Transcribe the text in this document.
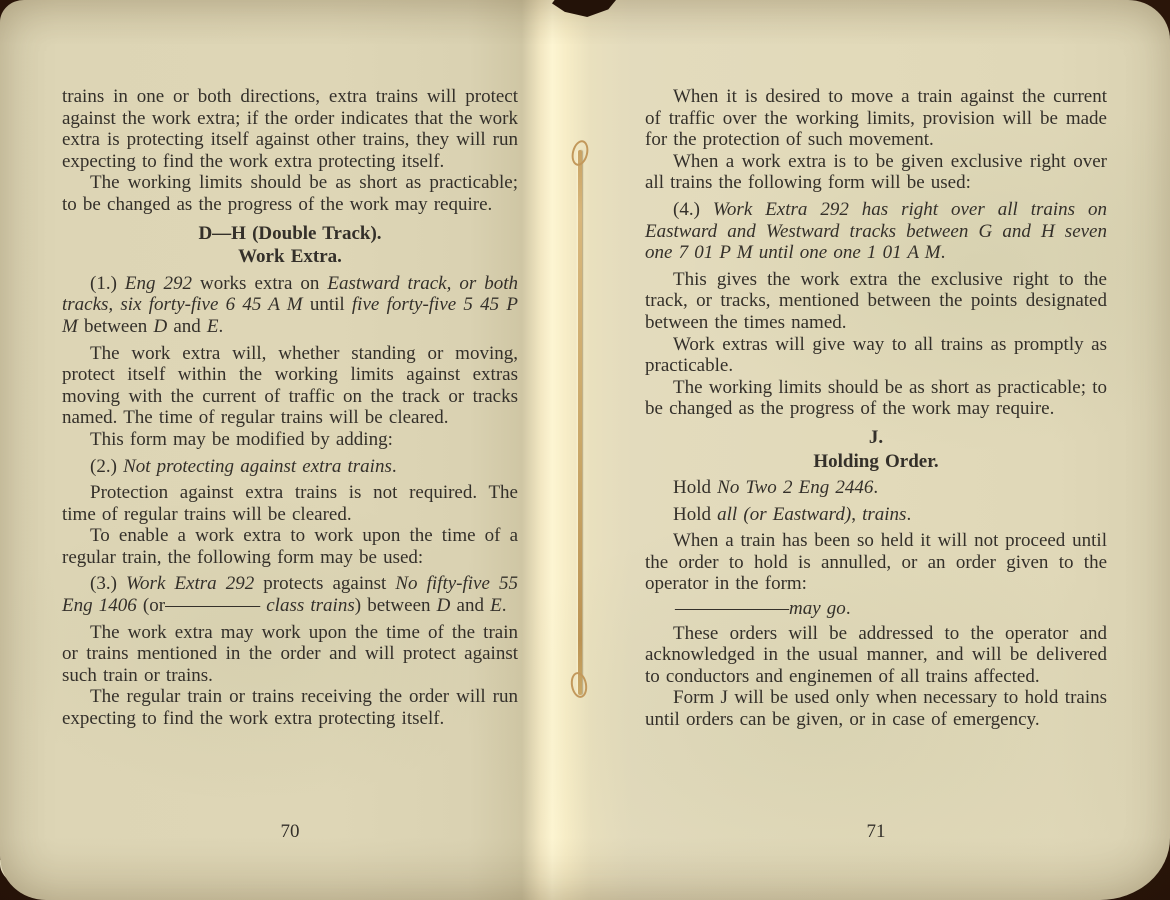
trains in one or both directions, extra trains will protect against the work extra; if the order indicates that the work extra is protecting itself against other trains, they will run expecting to find the work extra protecting itself.

The working limits should be as short as practicable; to be changed as the progress of the work may require.

D—H (Double Track).
Work Extra.

(1.) Eng 292 works extra on Eastward track, or both tracks, six forty-five 6 45 A M until five forty-five 5 45 P M between D and E.

The work extra will, whether standing or moving, protect itself within the working limits against extras moving with the current of traffic on the track or tracks named. The time of regular trains will be cleared.

This form may be modified by adding:

(2.) Not protecting against extra trains.

Protection against extra trains is not required. The time of regular trains will be cleared.

To enable a work extra to work upon the time of a regular train, the following form may be used:

(3.) Work Extra 292 protects against No fifty-five 55 Eng 1406 (or————— class trains) between D and E.

The work extra may work upon the time of the train or trains mentioned in the order and will protect against such train or trains.

The regular train or trains receiving the order will run expecting to find the work extra protecting itself.

70

When it is desired to move a train against the current of traffic over the working limits, provision will be made for the protection of such movement.

When a work extra is to be given exclusive right over all trains the following form will be used:

(4.) Work Extra 292 has right over all trains on Eastward and Westward tracks between G and H seven one 7 01 P M until one one 1 01 A M.

This gives the work extra the exclusive right to the track, or tracks, mentioned between the points designated between the times named.

Work extras will give way to all trains as promptly as practicable.

The working limits should be as short as practicable; to be changed as the progress of the work may require.

J.
Holding Order.

Hold No Two 2 Eng 2446.

Hold all (or Eastward), trains.

When a train has been so held it will not proceed until the order to hold is annulled, or an order given to the operator in the form:

——————may go.

These orders will be addressed to the operator and acknowledged in the usual manner, and will be delivered to conductors and enginemen of all trains affected.

Form J will be used only when necessary to hold trains until orders can be given, or in case of emergency.

71
